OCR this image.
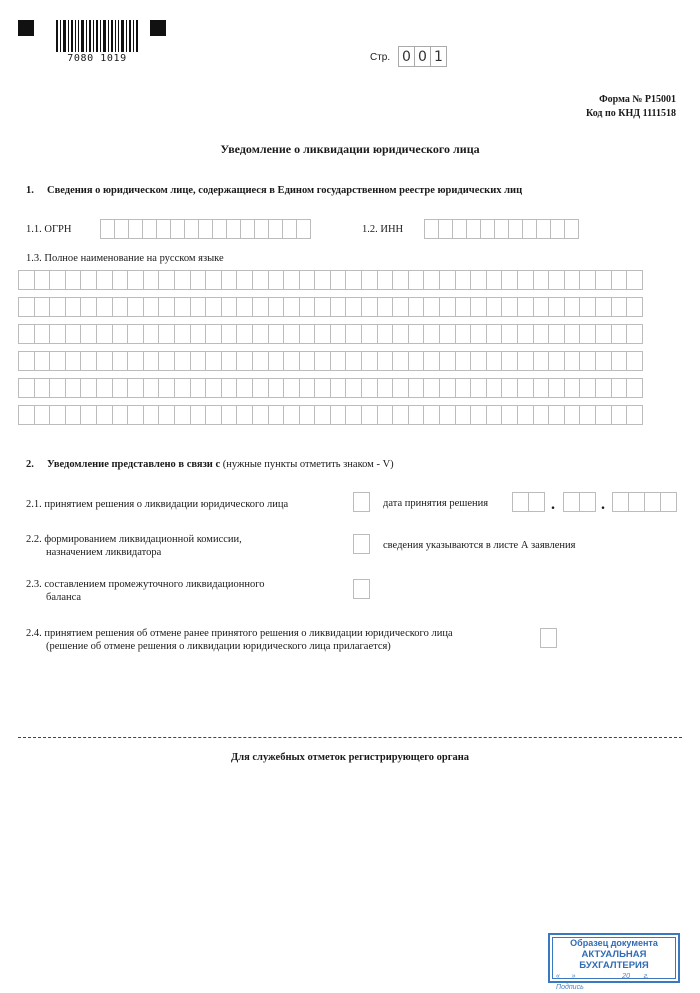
7080 1019	Стр. 0 0 1
Форма № Р15001
Код по КНД 1111518
Уведомление о ликвидации юридического лица
1. Сведения о юридическом лице, содержащиеся в Едином государственном реестре юридических лиц
1.1. ОГРН	1.2. ИНН
1.3. Полное наименование на русском языке
2. Уведомление представлено в связи с (нужные пункты отметить знаком - V)
2.1. принятием решения о ликвидации юридического лица	дата принятия решения	.	.
2.2. формированием ликвидационной комиссии,
назначением ликвидатора
сведения указываются в листе А заявления
2.3. составлением промежуточного ликвидационного
баланса
2.4. принятием решения об отмене ранее принятого решения о ликвидации юридического лица
(решение об отмене решения о ликвидации юридического лица прилагается)
Для служебных отметок регистрирующего органа
Образец документа
АКТУАЛЬНАЯ БУХГАЛТЕРИЯ
«___» ___________ 20___ г.
Подпись
